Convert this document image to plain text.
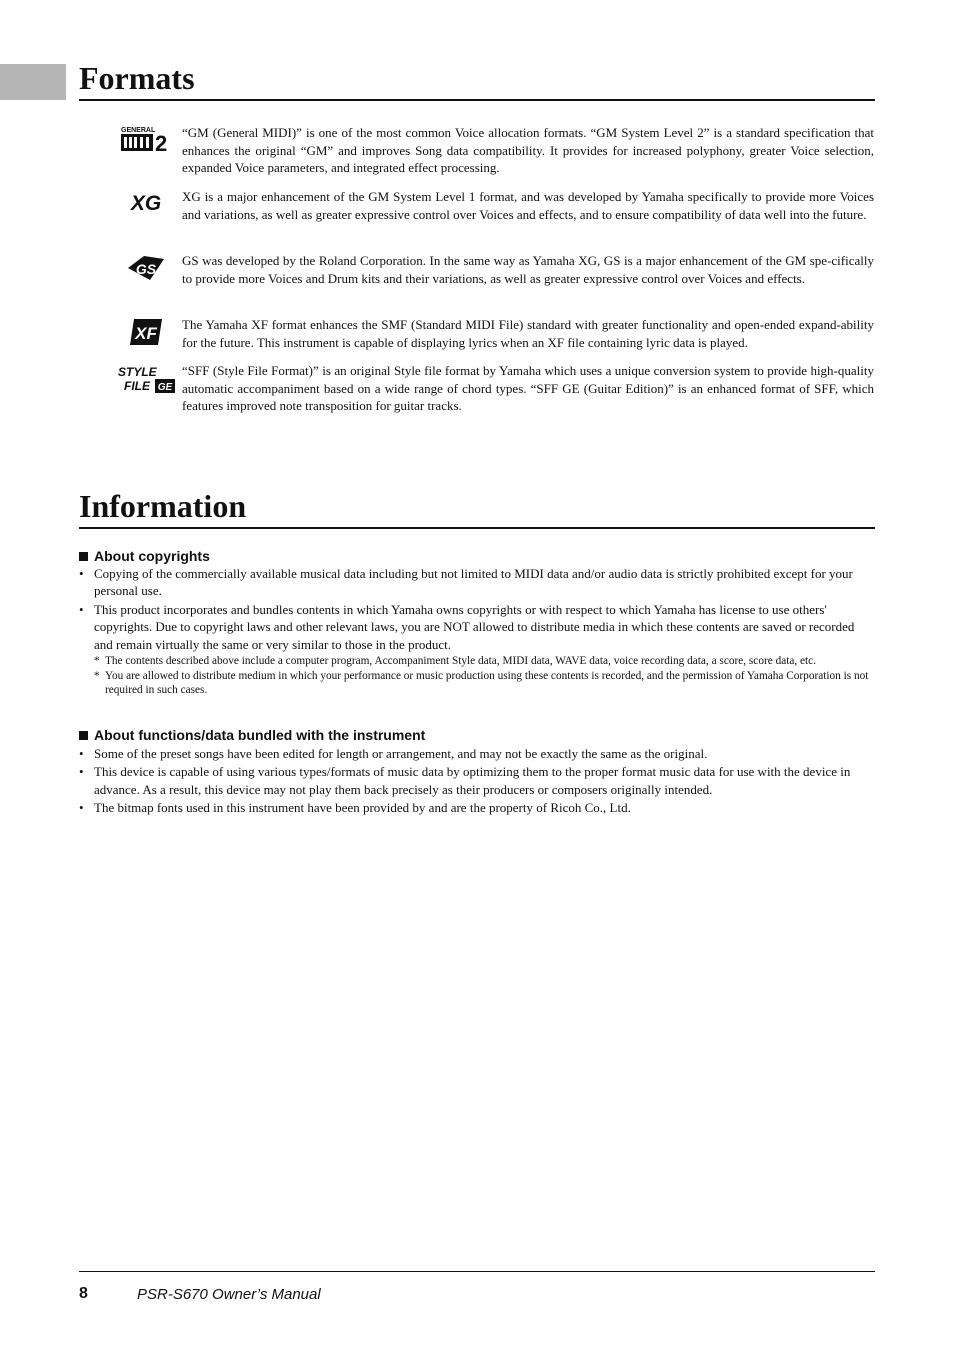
Formats
GENERAL
2 “GM (General MIDI)” is one of the most common Voice allocation formats. “GM System Level 2” is a standard specification that enhances the original “GM” and improves Song data compatibility. It provides for increased polyphony, greater Voice selection, expanded Voice parameters, and integrated effect processing.
XG XG is a major enhancement of the GM System Level 1 format, and was developed by Yamaha specifically to provide more Voices and variations, as well as greater expressive control over Voices and effects, and to ensure compatibility of data well into the future.
GS
GS was developed by the Roland Corporation. In the same way as Yamaha XG, GS is a major enhancement of the GM spe-cifically to provide more Voices and Drum kits and their variations, as well as greater expressive control over Voices and effects.
XF The Yamaha XF format enhances the SMF (Standard MIDI File) standard with greater functionality and open-ended expand-ability for the future. This instrument is capable of displaying lyrics when an XF file containing lyric data is played.
STYLE
FILE GE
“SFF (Style File Format)” is an original Style file format by Yamaha which uses a unique conversion system to provide high-quality automatic accompaniment based on a wide range of chord types. “SFF GE (Guitar Edition)” is an enhanced format of SFF, which features improved note transposition for guitar tracks.
Information
About copyrights
• Copying of the commercially available musical data including but not limited to MIDI data and/or audio data is strictly prohibited except for your personal use.
• This product incorporates and bundles contents in which Yamaha owns copyrights or with respect to which Yamaha has license to use others' copyrights. Due to copyright laws and other relevant laws, you are NOT allowed to distribute media in which these contents are saved or recorded and remain virtually the same or very similar to those in the product.
* The contents described above include a computer program, Accompaniment Style data, MIDI data, WAVE data, voice recording data, a score, score data, etc.
* You are allowed to distribute medium in which your performance or music production using these contents is recorded, and the permission of Yamaha Corporation is not required in such cases.
About functions/data bundled with the instrument
• Some of the preset songs have been edited for length or arrangement, and may not be exactly the same as the original.
• This device is capable of using various types/formats of music data by optimizing them to the proper format music data for use with the device in advance. As a result, this device may not play them back precisely as their producers or composers originally intended.
• The bitmap fonts used in this instrument have been provided by and are the property of Ricoh Co., Ltd.
8	PSR-S670 Owner’s Manual
